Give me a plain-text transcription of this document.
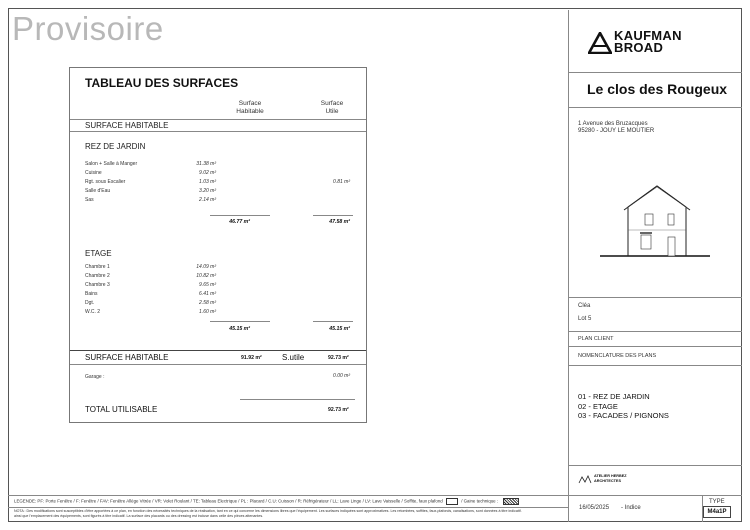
Provisoire
TABLEAU DES SURFACES
Surface
Habitable
Surface
Utile
SURFACE HABITABLE
REZ DE JARDIN
Salon + Salle à Manger	31.38 m²
Cuisine	9.02 m²
Rgt. sous Escalier	1.03 m²	0.81 m²
Salle d'Eau	3.20 m²
Sas	2.14 m²
46.77 m²	47.58 m²
ETAGE
Chambre 1	14.09 m²
Chambre 2	10.82 m²
Chambre 3	9.65 m²
Bains	6.41 m²
Dgt.	2.58 m²
W.C. 2	1.60 m²
45.15 m²	45.15 m²
SURFACE HABITABLE	91.92 m²	S.utile	92.73 m²
Garage :	0.00 m²
TOTAL UTILISABLE	92.73 m²
KAUFMAN
BROAD
Le clos des Rougeux
1 Avenue des Bruzacques
95280 - JOUY LE MOUTIER
Cléa
Lot 5
PLAN CLIENT
NOMENCLATURE DES PLANS
01 - REZ DE JARDIN
02 - ETAGE
03 - FACADES / PIGNONS
ATELIER HERBEZ
ARCHITECTES
LEGENDE: PF: Porte Fenêtre / F: Fenêtre / FAV: Fenêtre Allège Vitrée / VR: Volet Roulant / TE: Tableau Electrique / PL : Placard / C.U: Cuisson / R: Réfrigérateur / LL: Lave Linge / LV: Lave Vaisselle / Soffite, faux plafond	/ Gaine technique :
NOTA : Des modifications sont susceptibles d'être apportées à ce plan, en fonction des nécessités techniques de la réalisation, tant en ce qui concerne les dimensions libres que l'équipement. Les surfaces indiquées sont approximatives. Les retombées, soffites, faux-plafonds, canalisations, sont données à titre indicatif.
ainsi que l'emplacement des équipements, sont figurés à titre indicatif. La surface des placards ou des dressing est incluse dans celle des pièces attenantes.
16/05/2025 - Indice
TYPE
M4a1P
